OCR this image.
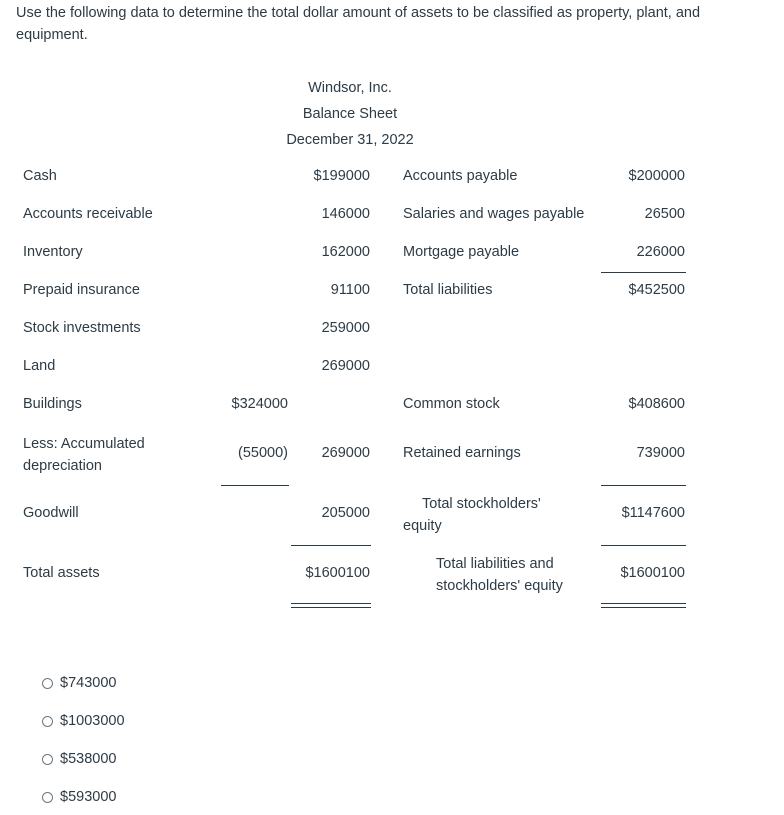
Use the following data to determine the total dollar amount of assets to be classified as property, plant, and equipment.
Windsor, Inc.
Balance Sheet
December 31, 2022
Cash
Accounts receivable
Inventory
Prepaid insurance
Stock investments
Land
Buildings
Less: Accumulated depreciation
Goodwill
Total assets
$324000
(55000)
$199000
146000
162000
91100
259000
269000
269000
205000
$1600100
Accounts payable
Salaries and wages payable
Mortgage payable
Total liabilities
Common stock
Retained earnings
Total stockholders' equity
Total liabilities and stockholders' equity
$200000
26500
226000
$452500
$408600
739000
$1147600
$1600100
$743000
$1003000
$538000
$593000
